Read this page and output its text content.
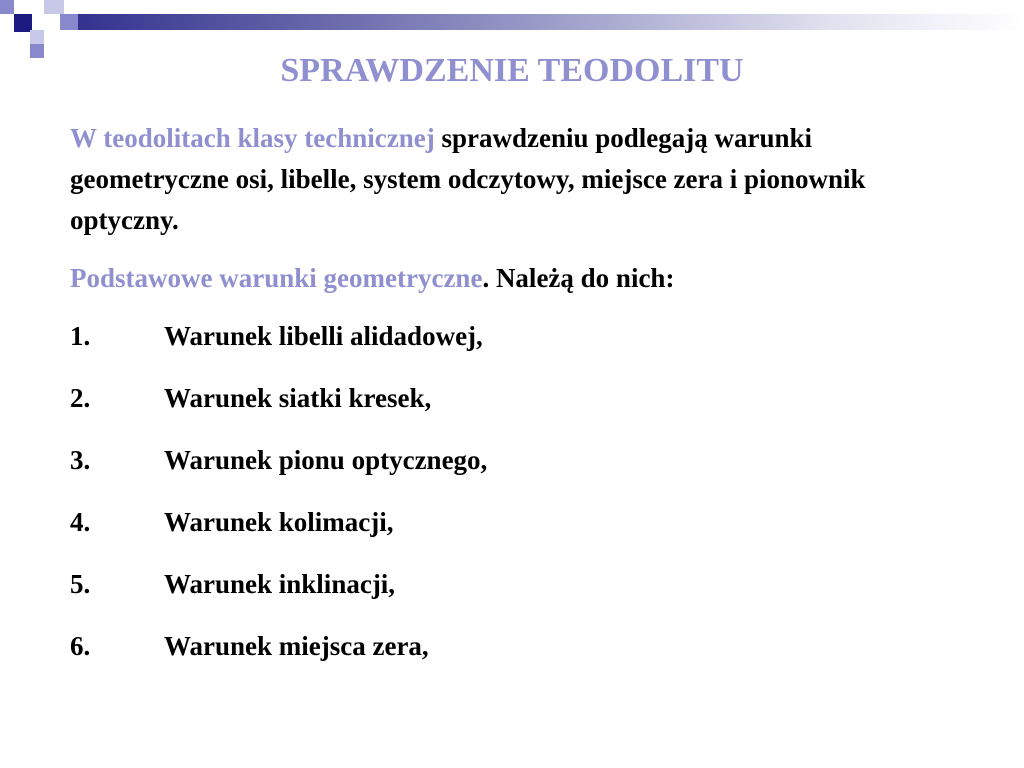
SPRAWDZENIE TEODOLITU

W teodolitach klasy technicznej sprawdzeniu podlegają warunki geometryczne osi, libelle, system odczytowy, miejsce zera i pionownik optyczny.

Podstawowe warunki geometryczne. Należą do nich:

1.	Warunek libelli alidadowej,
2.	Warunek siatki kresek,
3.	Warunek pionu optycznego,
4.	Warunek kolimacji,
5.	Warunek inklinacji,
6.	Warunek miejsca zera,
